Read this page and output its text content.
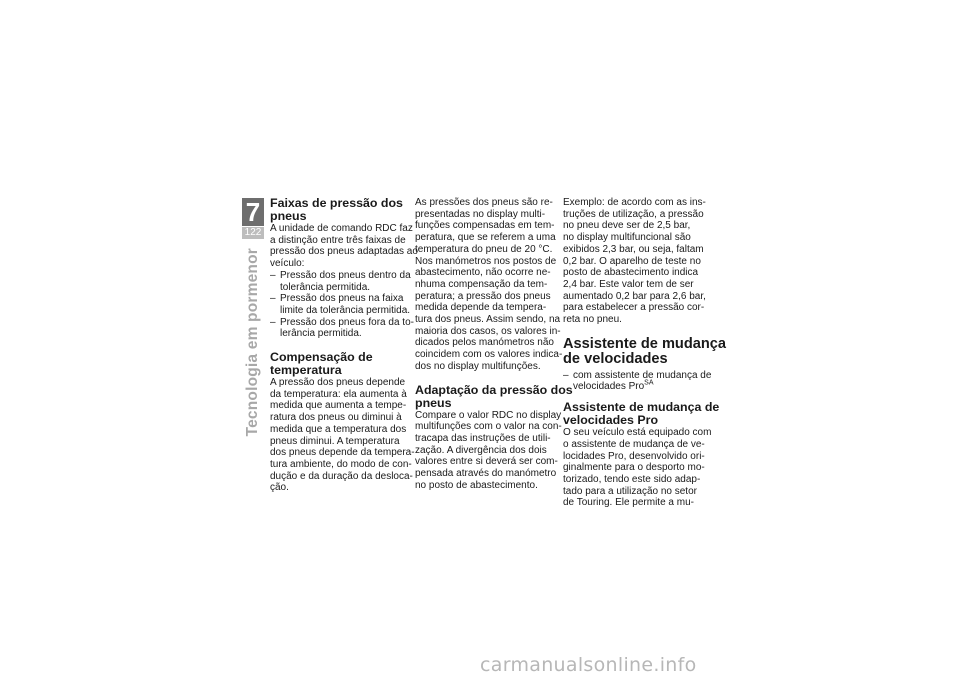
7
122
Tecnologia em pormenor
Faixas de pressão dos
pneus

A unidade de comando RDC faz
a distinção entre três faixas de
pressão dos pneus adaptadas ao
veículo:

– Pressão dos pneus dentro da
tolerância permitida.
– Pressão dos pneus na faixa
limite da tolerância permitida.
– Pressão dos pneus fora da to-
lerância permitida.
Compensação de
temperatura

A pressão dos pneus depende
da temperatura: ela aumenta à
medida que aumenta a tempe-
ratura dos pneus ou diminui à
medida que a temperatura dos
pneus diminui. A temperatura
dos pneus depende da tempera-
tura ambiente, do modo de con-
dução e da duração da desloca-
ção.

As pressões dos pneus são re-
presentadas no display multi-
funções compensadas em tem-
peratura, que se referem a uma
temperatura do pneu de 20 °C.
Nos manómetros nos postos de
abastecimento, não ocorre ne-
nhuma compensação da tem-
peratura; a pressão dos pneus
medida depende da tempera-
tura dos pneus. Assim sendo, na
maioria dos casos, os valores in-
dicados pelos manómetros não
coincidem com os valores indica-
dos no display multifunções.

Adaptação da pressão dos
pneus

Compare o valor RDC no display
multifunções com o valor na con-
tracapa das instruções de utili-
zação. A divergência dos dois
valores entre si deverá ser com-
pensada através do manómetro
no posto de abastecimento.

Exemplo: de acordo com as ins-
truções de utilização, a pressão
no pneu deve ser de 2,5 bar,
no display multifuncional são
exibidos 2,3 bar, ou seja, faltam
0,2 bar. O aparelho de teste no
posto de abastecimento indica
2,4 bar. Este valor tem de ser
aumentado 0,2 bar para 2,6 bar,
para estabelecer a pressão cor-
reta no pneu.

Assistente de mudança
de velocidades
– com assistente de mudança de
velocidades Pro$^{SA}$
Assistente de mudança de
velocidades Pro

O seu veículo está equipado com
o assistente de mudança de ve-
locidades Pro, desenvolvido ori-
ginalmente para o desporto mo-
torizado, tendo este sido adap-
tado para a utilização no setor
de Touring. Ele permite a mu-

carmanualsonline.info
